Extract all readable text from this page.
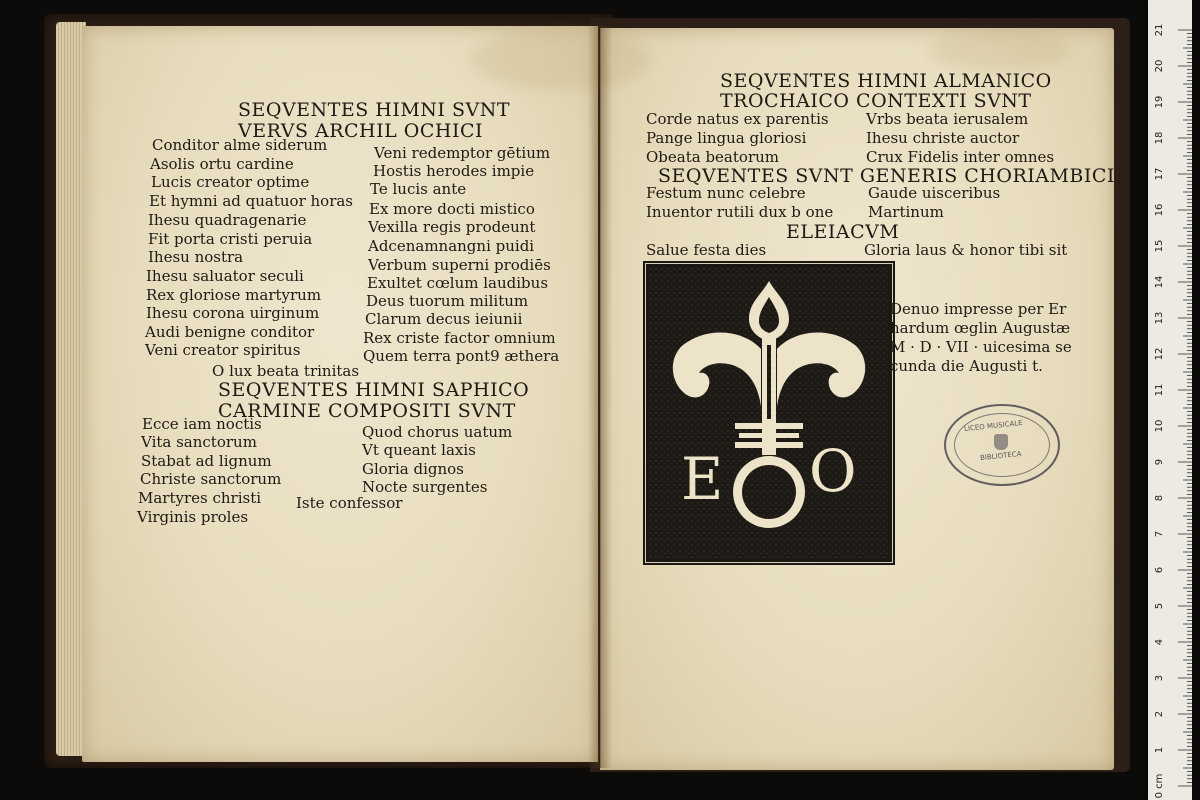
SEQVENTES HIMNI SVNT
VERVS ARCHIL OCHICI
Conditor alme siderum
Asolis ortu cardine
Lucis creator optime
Et hymni ad quatuor horas
Ihesu quadragenarie
Fit porta cristi peruia
Ihesu nostra
Ihesu saluator seculi
Rex gloriose martyrum
Ihesu corona uirginum
Audi benigne conditor
Veni creator spiritus
Veni redemptor gētium
Hostis herodes impie
Te lucis ante
Ex more docti mistico
Vexilla regis prodeunt
Adcenamnangni puidi
Verbum superni prodiēs
Exultet cœlum laudibus
Deus tuorum militum
Clarum decus ieiunii
Rex criste factor omnium
Quem terra pont9 æthera
O lux beata trinitas
SEQVENTES HIMNI SAPHICO
CARMINE COMPOSITI SVNT
Ecce iam noctis
Vita sanctorum
Stabat ad lignum
Christe sanctorum
Martyres christi
Virginis proles
Quod chorus uatum
Vt queant laxis
Gloria dignos
Nocte surgentes
Iste confessor
SEQVENTES HIMNI ALMANICO
TROCHAICO CONTEXTI SVNT
Corde natus ex parentis
Pange lingua gloriosi
Obeata beatorum
Vrbs beata ierusalem
Ihesu christe auctor
Crux Fidelis inter omnes
SEQVENTES SVNT GENERIS CHORIAMBICI
Festum nunc celebre
Inuentor rutili dux b one
Gaude uisceribus
Martinum
ELEIACVM
Salue festa dies	Gloria laus & honor tibi sit
E O
Denuo impresse per Er
hardum œglin Augustæ
M · D · VII · uicesima se
cunda die Augusti t.
LICEO MUSICALE
BIBLIOTECA
21
20
19
18
17
16
15
14
13
12
11
10
9
8
7
6
5
4
3
2
1
0 cm
